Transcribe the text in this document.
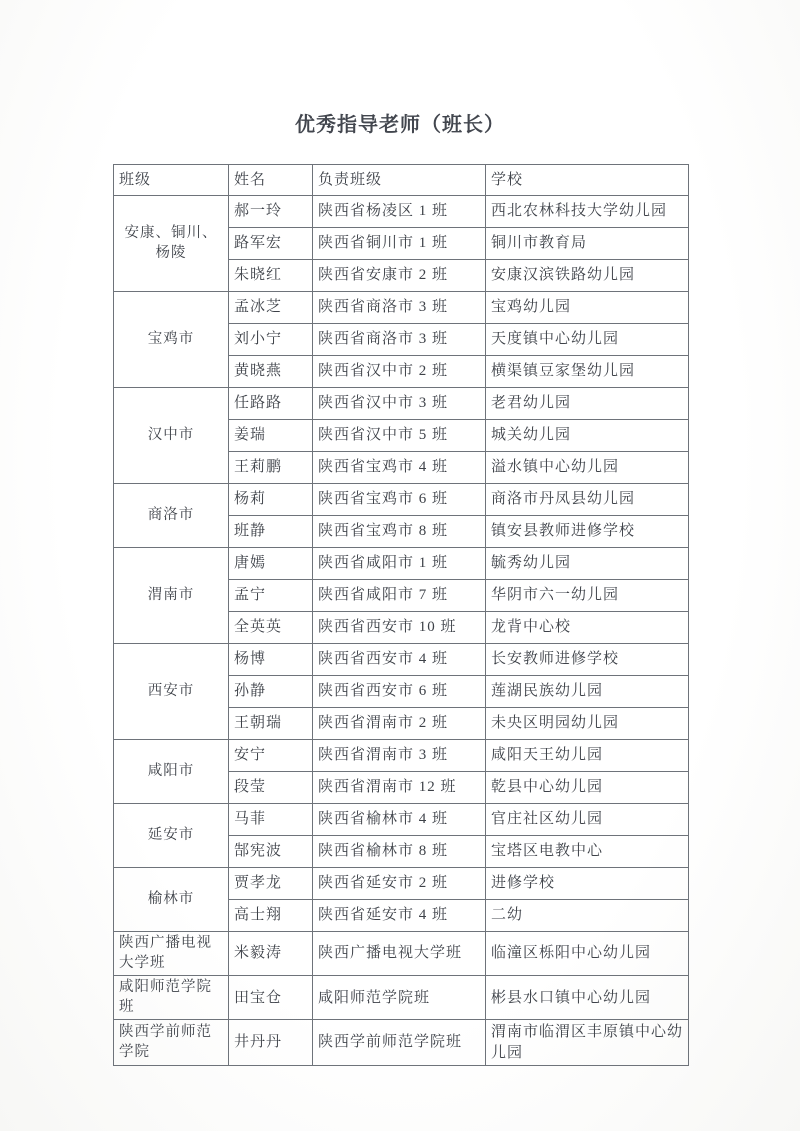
优秀指导老师（班长）
班级	姓名	负责班级	学校
安康、铜川、杨陵	郝一玲	陕西省杨凌区 1 班	西北农林科技大学幼儿园
	路军宏	陕西省铜川市 1 班	铜川市教育局
	朱晓红	陕西省安康市 2 班	安康汉滨铁路幼儿园
宝鸡市	孟冰芝	陕西省商洛市 3 班	宝鸡幼儿园
	刘小宁	陕西省商洛市 3 班	天度镇中心幼儿园
	黄晓燕	陕西省汉中市 2 班	横渠镇豆家堡幼儿园
汉中市	任路路	陕西省汉中市 3 班	老君幼儿园
	姜瑞	陕西省汉中市 5 班	城关幼儿园
	王莉鹏	陕西省宝鸡市 4 班	溢水镇中心幼儿园
商洛市	杨莉	陕西省宝鸡市 6 班	商洛市丹凤县幼儿园
	班静	陕西省宝鸡市 8 班	镇安县教师进修学校
渭南市	唐嫣	陕西省咸阳市 1 班	毓秀幼儿园
	孟宁	陕西省咸阳市 7 班	华阴市六一幼儿园
	全英英	陕西省西安市 10 班	龙背中心校
西安市	杨博	陕西省西安市 4 班	长安教师进修学校
	孙静	陕西省西安市 6 班	莲湖民族幼儿园
	王朝瑞	陕西省渭南市 2 班	未央区明园幼儿园
咸阳市	安宁	陕西省渭南市 3 班	咸阳天王幼儿园
	段莹	陕西省渭南市 12 班	乾县中心幼儿园
延安市	马菲	陕西省榆林市 4 班	官庄社区幼儿园
	郜宪波	陕西省榆林市 8 班	宝塔区电教中心
榆林市	贾孝龙	陕西省延安市 2 班	进修学校
	高士翔	陕西省延安市 4 班	二幼
陕西广播电视大学班	米毅涛	陕西广播电视大学班	临潼区栎阳中心幼儿园
咸阳师范学院班	田宝仓	咸阳师范学院班	彬县水口镇中心幼儿园
陕西学前师范学院	井丹丹	陕西学前师范学院班	渭南市临渭区丰原镇中心幼儿园
